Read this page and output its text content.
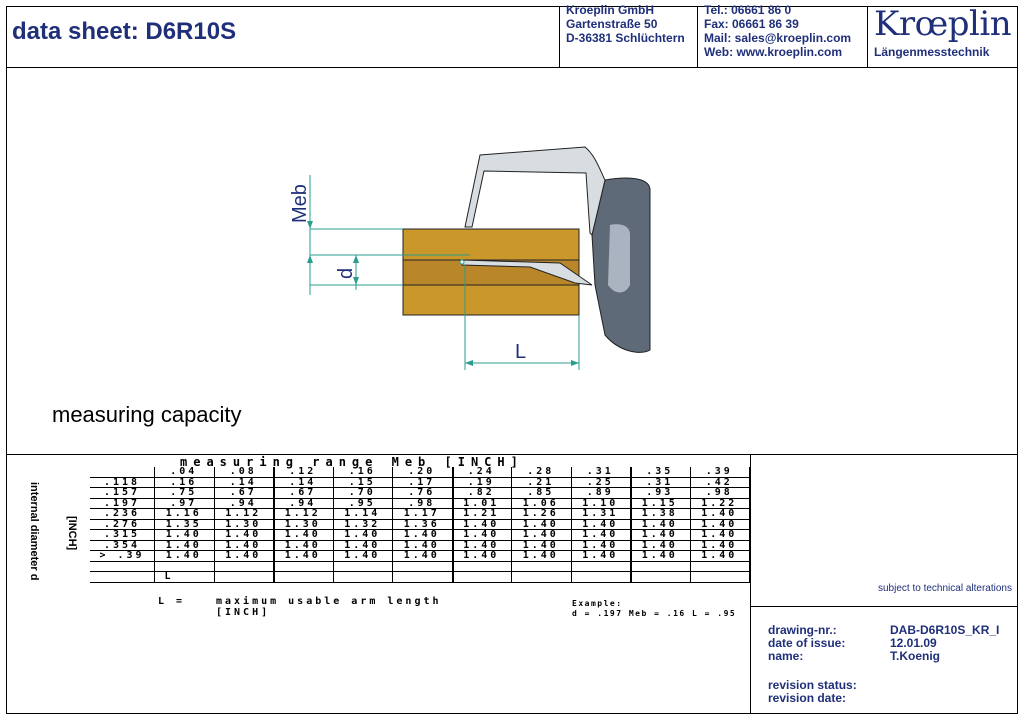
data sheet: D6R10S
Kroeplin GmbH
Gartenstraße 50
D-36381 Schlüchtern
Tel.: 06661 86 0
Fax: 06661 86 39
Mail: sales@kroeplin.com
Web: www.kroeplin.com
Krœplin
Längenmesstechnik
Meb
d
L
measuring capacity
internal diameter d [INCH]
measuring range Meb [INCH]
.04	.08	.12	.16	.20	.24	.28	.31	.35	.39
.118	.16	.14	.14	.15	.17	.19	.21	.25	.31	.42
.157	.75	.67	.67	.70	.76	.82	.85	.89	.93	.98
.197	.97	.94	.94	.95	.98	1.01	1.06	1.10	1.15	1.22
.236	1.16	1.12	1.12	1.14	1.17	1.21	1.26	1.31	1.38	1.40
.276	1.35	1.30	1.30	1.32	1.36	1.40	1.40	1.40	1.40	1.40
.315	1.40	1.40	1.40	1.40	1.40	1.40	1.40	1.40	1.40	1.40
.354	1.40	1.40	1.40	1.40	1.40	1.40	1.40	1.40	1.40	1.40
> .39	1.40	1.40	1.40	1.40	1.40	1.40	1.40	1.40	1.40	1.40
L
L =	maximum usable arm length
[INCH]
Example:
d = .197 Meb = .16 L = .95
subject to technical alterations
drawing-nr.:	DAB-D6R10S_KR_I
date of issue:	12.01.09
name:	T.Koenig
revision status:
revision date:
